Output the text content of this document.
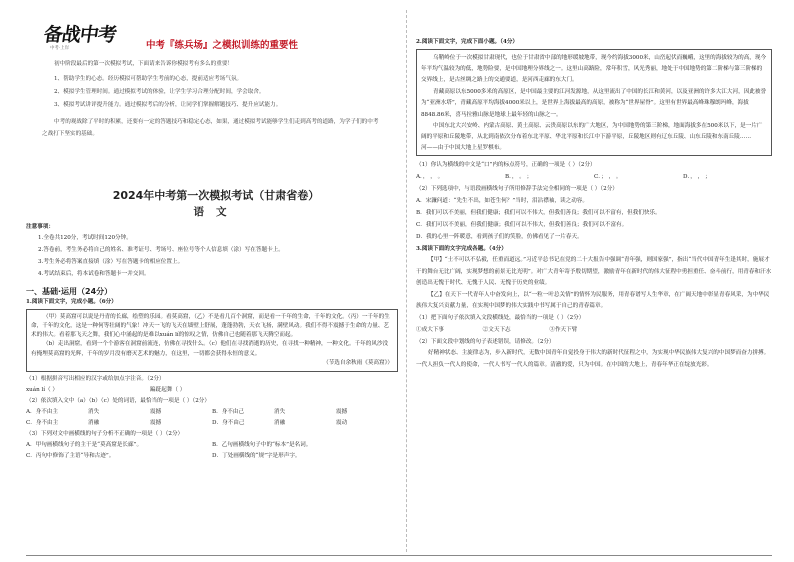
备战中考
中考·上岸	中考『练兵场』之模拟训练的重要性
初中阶段最后的第一次模拟考试，下面请来告诉你模拟考有多么的重要！
1、帮助学生的心态。经历模拟可帮助学生考前的心态，提前适应考场气氛。
2、模拟学生管理时间。通过模拟考试的体验，让学生学习合理分配时间，学会取舍。
3、模拟考试讲评提升能力。通过模拟考后的分析，让同学们掌握解题技巧、提升应试能力。
中考的观战除了平时的积累，还要有一定的答题技巧和稳定心态，如果，通过模拟考试能够学生们走到高考的道路，为学子们的中考之战打下坚实的基础。
2024年中考第一次模拟考试（甘肃省卷）
语文
注意事项：
1.全卷共120分，考试时间120分钟。
2.答卷前，考生务必将自己的姓名、准考证号、考场号、座位号等个人信息填（涂）写在答题卡上。
3.考生务必将答案直接填（涂）写在答题卡的相应位置上。
4.考试结束后，将本试卷和答题卡一并交回。
一、基础·运用（24分）
1.阅读下面文字，完成小题。（6分）
（甲）莫高窟可以说是丹青的长廊，绘塑的乐园。看莫高窟，（乙）不是看几百个洞窟，而是看一千年的生命，千年的文化。（丙）一千年的生命，千年的文化，这是一种何等壮阔的气象！冲天一飞的飞天在墙壁上舒展，蓬蓬勃勃，天衣飞扬，满壁风动。我们不得不震撼于生命的力量、艺术的伟大。看着那飞天之舞，我们心中涌起的是难以xuán lí的惊叹之情，仿佛自己也随着那飞天腾空而起。
（b）走出洞窟，看到一个个游客在洞窟前流连，仿佛在寻找什么。（c）他们在寻找消逝的历史，在寻找一种精神，一种文化。千年的风沙没有掩埋莫高窟的光辉，千年的岁月没有磨灭艺术的魅力，在这里，一切都会获得永恒的意义。
（节选自余秋雨《莫高窟》）
（1）根据拼音写出相应的汉字或给加点字注音。（2分）
xuán lí（ ）	蹁跹起舞（ ）
（2）依次填入文中（a）（b）（c）处的词语，最恰当的一项是（ ）（2分）
A．身不由主	消失	震撼	B．身不由己	消失	震撼
C．身不由主	消融	震撼	D．身不由己	消融	震动
（3）下列对文中画横线的句子分析不正确的一项是（ ）（2分）
A．甲句画横线句子的主干是“莫高窟是长廊”。	B．乙句画横线句子中的“标本”是名词。
C．丙句中修饰了主语“导和古迹”。	D．丁处画横线的“规”字是形声字。
2.阅读下面文字，完成下面小题。（4分）
乌鞘岭位于一次模拟甘肃现代，也位于甘肃省中部的地形缓坡地带，现今约海拔3000米，山峦起伏而巍峨，这里的海拔较为的高，现今年平均气温较为的低，地势险要，是中国地理分界线之一。这里山高路险，常年积雪，风光秀丽，地处于中国地势的第二阶梯与第三阶梯的交界线上，是古丝绸之路上的交通要道，是河西走廊的东大门。
青藏高原以东5000多米的高原区，是中国最主要的江河发源地，从这里流出了中国的长江和黄河，以及亚洲的许多大江大河，因此被誉为“亚洲水塔”，青藏高原平均海拔4000米以上，是世界上海拔最高的高原，被称为“世界屋脊”。这里有世界最高峰珠穆朗玛峰，海拔8848.86米，喜马拉雅山脉是地球上最年轻的山脉之一。
中国东北大兴安岭、内蒙古高原、黄土高原、云贵高原以东的广大地区，为中国地势的第三阶梯，地面海拔多在500米以下，是一片广阔的平原和丘陵地带，从北到南依次分布着东北平原、华北平原和长江中下游平原，丘陵地区则有辽东丘陵、山东丘陵和东南丘陵……
河——由于中国大地上星罗棋布。
（1）你认为横线的中文是“口”内的标点符号，正确的一项是（ ）（2分）
A．， ， 。	B．， 。 ；	C．； ， 。	D．， ， ；
（2）下列选项中，与语段画横线句子所用修辞手法完全相同的一项是（ ）（2分）
A．宋濂问道：“先生不出，如苍生何？”当时，泪沾襟袖，读之动容。
B．我们可以不美丽，但我们健康；我们可以不伟大，但我们善良；我们可以不富有，但我们快乐。
C．我们可以不美丽，但我们健康；我们可以不伟大，但我们善良；我们可以不富有。
D．我的心里一阵暖意，看到孩子们的笑脸，仿佛看见了一片春天。
3.阅读下面的文字完成各题。（4分）
【甲】“士不可以不弘毅，任重而道远。”习近平总书记在党的二十大报告中强调“青年强，则国家强”，指出“当代中国青年生逢其时，施展才干的舞台无比广阔，实现梦想的前景无比光明”。对广大青年寄予殷切期望，激励青年在新时代的伟大征程中勇担重任、奋斗前行，用青春和汗水创造出无愧于时代、无愧于人民、无愧于历史的业绩。
【乙】在天下一代青年人中奋发向上，以“一粒一叶总关情”的情怀为民服务，用青春谱写人生华章，在广阔天地中彰显青春风采，为中华民族伟大复兴贡献力量，在实现中国梦的伟大实践中书写属于自己的青春篇章。
（1）把下面句子依次填入文段横线处，最恰当的一项是（ ）（2分）
①成大下事	②文天下志	③作天下臂
（2）下面文段中划线的句子表述错误，请修改。（2分）
好精神状态、主旋律志为，步入新时代，无数中国青年自觉投身于伟大的新时代征程之中，为实现中华民族伟大复兴的中国梦而奋力拼搏。一代人担负一代人的使命，一代人书写一代人的篇章。清澈的爱，只为中国。在中国的大地上，青春年华正在绽放光彩。
